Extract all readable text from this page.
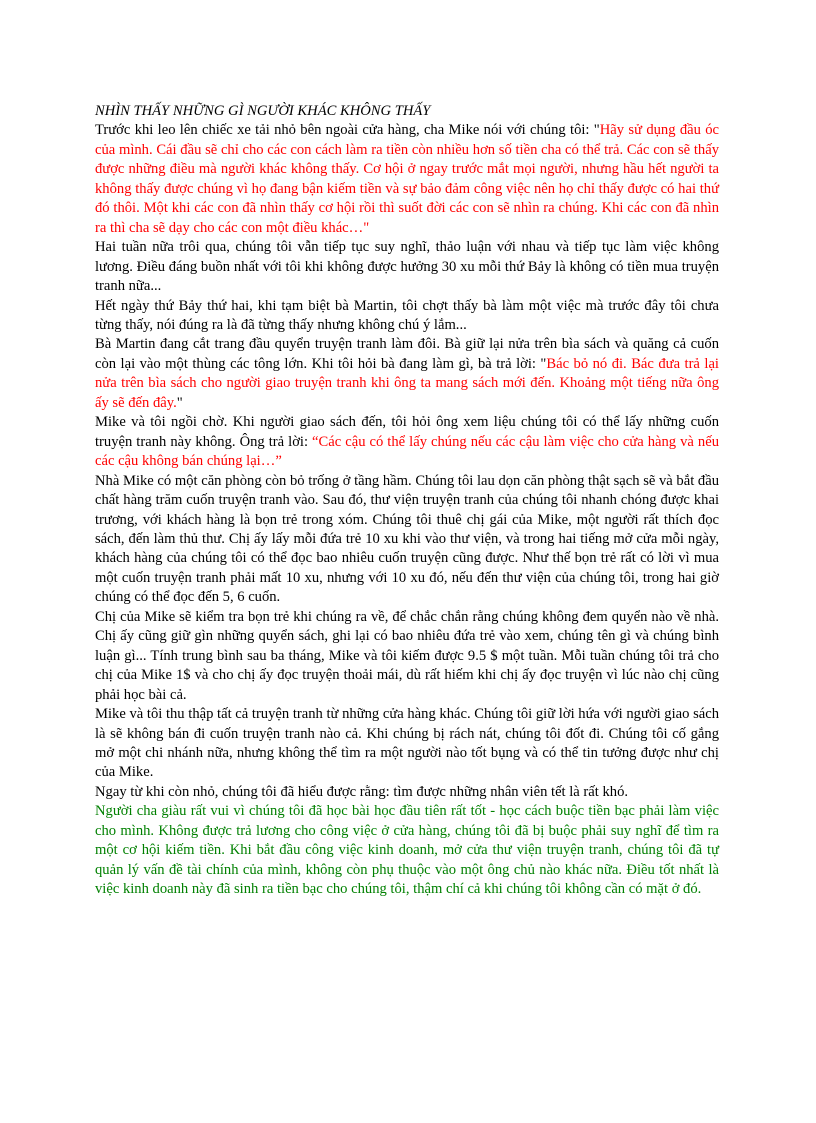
NHÌN THẤY NHỮNG GÌ NGƯỜI KHÁC KHÔNG THẤY

Trước khi leo lên chiếc xe tải nhỏ bên ngoài cửa hàng, cha Mike nói với chúng tôi: "Hãy sử dụng đầu óc của mình. Cái đầu sẽ chỉ cho các con cách làm ra tiền còn nhiều hơn số tiền cha có thể trả. Các con sẽ thấy được những điều mà người khác không thấy. Cơ hội ở ngay trước mắt mọi người, nhưng hầu hết người ta không thấy được chúng vì họ đang bận kiếm tiền và sự bảo đảm công việc nên họ chỉ thấy được có hai thứ đó thôi. Một khi các con đã nhìn thấy cơ hội rồi thì suốt đời các con sẽ nhìn ra chúng. Khi các con đã nhìn ra thì cha sẽ dạy cho các con một điều khác…"

Hai tuần nữa trôi qua, chúng tôi vẫn tiếp tục suy nghĩ, thảo luận với nhau và tiếp tục làm việc không lương. Điều đáng buồn nhất với tôi khi không được hưởng 30 xu mỗi thứ Bảy là không có tiền mua truyện tranh nữa...

Hết ngày thứ Bảy thứ hai, khi tạm biệt bà Martin, tôi chợt thấy bà làm một việc mà trước đây tôi chưa từng thấy, nói đúng ra là đã từng thấy nhưng không chú ý lắm...

Bà Martin đang cắt trang đầu quyển truyện tranh làm đôi. Bà giữ lại nửa trên bìa sách và quăng cả cuốn còn lại vào một thùng các tông lớn. Khi tôi hỏi bà đang làm gì, bà trả lời: "Bác bỏ nó đi. Bác đưa trả lại nửa trên bìa sách cho người giao truyện tranh khi ông ta mang sách mới đến. Khoảng một tiếng nữa ông ấy sẽ đến đây."

Mike và tôi ngồi chờ. Khi người giao sách đến, tôi hỏi ông xem liệu chúng tôi có thể lấy những cuốn truyện tranh này không. Ông trả lời: “Các cậu có thể lấy chúng nếu các cậu làm việc cho cửa hàng và nếu các cậu không bán chúng lại…”

Nhà Mike có một căn phòng còn bỏ trống ở tầng hầm. Chúng tôi lau dọn căn phòng thật sạch sẽ và bắt đầu chất hàng trăm cuốn truyện tranh vào. Sau đó, thư viện truyện tranh của chúng tôi nhanh chóng được khai trương, với khách hàng là bọn trẻ trong xóm. Chúng tôi thuê chị gái của Mike, một người rất thích đọc sách, đến làm thủ thư. Chị ấy lấy mỗi đứa trẻ 10 xu khi vào thư viện, và trong hai tiếng mở cửa mỗi ngày, khách hàng của chúng tôi có thể đọc bao nhiêu cuốn truyện cũng được. Như thế bọn trẻ rất có lời vì mua một cuốn truyện tranh phải mất 10 xu, nhưng với 10 xu đó, nếu đến thư viện của chúng tôi, trong hai giờ chúng có thể đọc đến 5, 6 cuốn.

Chị của Mike sẽ kiểm tra bọn trẻ khi chúng ra về, để chắc chắn rằng chúng không đem quyển nào về nhà. Chị ấy cũng giữ gìn những quyển sách, ghi lại có bao nhiêu đứa trẻ vào xem, chúng tên gì và chúng bình luận gì... Tính trung bình sau ba tháng, Mike và tôi kiếm được 9.5 $ một tuần. Mỗi tuần chúng tôi trả cho chị của Mike 1$ và cho chị ấy đọc truyện thoải mái, dù rất hiếm khi chị ấy đọc truyện vì lúc nào chị cũng phải học bài cả.

Mike và tôi thu thập tất cả truyện tranh từ những cửa hàng khác. Chúng tôi giữ lời hứa với người giao sách là sẽ không bán đi cuốn truyện tranh nào cả. Khi chúng bị rách nát, chúng tôi đốt đi. Chúng tôi cố gắng mở một chi nhánh nữa, nhưng không thể tìm ra một người nào tốt bụng và có thể tin tưởng được như chị của Mike.

Ngay từ khi còn nhỏ, chúng tôi đã hiểu được rằng: tìm được những nhân viên tết là rất khó.

Người cha giàu rất vui vì chúng tôi đã học bài học đầu tiên rất tốt - học cách buộc tiền bạc phải làm việc cho mình. Không được trả lương cho công việc ở cửa hàng, chúng tôi đã bị buộc phải suy nghĩ để tìm ra một cơ hội kiếm tiền. Khi bắt đầu công việc kinh doanh, mở cửa thư viện truyện tranh, chúng tôi đã tự quản lý vấn đề tài chính của mình, không còn phụ thuộc vào một ông chủ nào khác nữa. Điều tốt nhất là việc kinh doanh này đã sinh ra tiền bạc cho chúng tôi, thậm chí cả khi chúng tôi không cần có mặt ở đó.
